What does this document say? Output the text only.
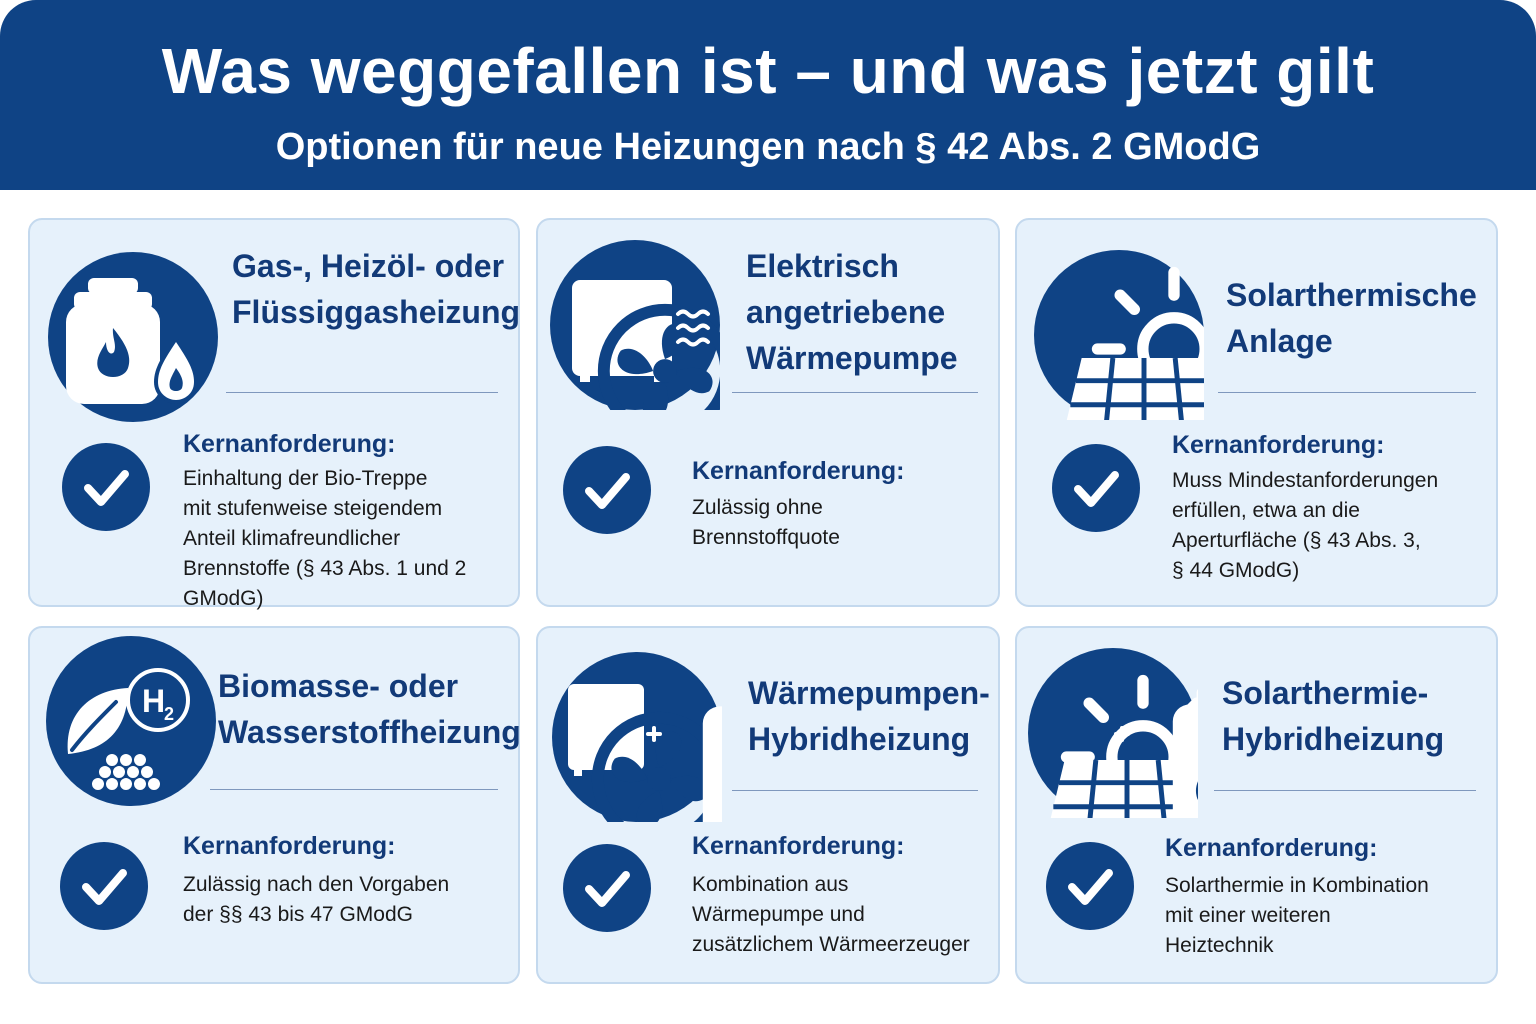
Was weggefallen ist – und was jetzt gilt
Optionen für neue Heizungen nach § 42 Abs. 2 GModG
Gas-, Heizöl- oder
Flüssiggasheizung
Kernanforderung:
Einhaltung der Bio-Treppe
mit stufenweise steigendem
Anteil klimafreundlicher
Brennstoffe (§ 43 Abs. 1 und 2
GModG)
Elektrisch
angetriebene
Wärmepumpe
Kernanforderung:
Zulässig ohne
Brennstoffquote
Solarthermische
Anlage
Kernanforderung:
Muss Mindestanforderungen
erfüllen, etwa an die
Aperturfläche (§ 43 Abs. 3,
§ 44 GModG)
H
2
Biomasse- oder
Wasserstoffheizung
Kernanforderung:
Zulässig nach den Vorgaben
der §§ 43 bis 47 GModG
Wärmepumpen-
Hybridheizung
Kernanforderung:
Kombination aus
Wärmepumpe und
zusätzlichem Wärmeerzeuger
Solarthermie-
Hybridheizung
Kernanforderung:
Solarthermie in Kombination
mit einer weiteren
Heiztechnik
